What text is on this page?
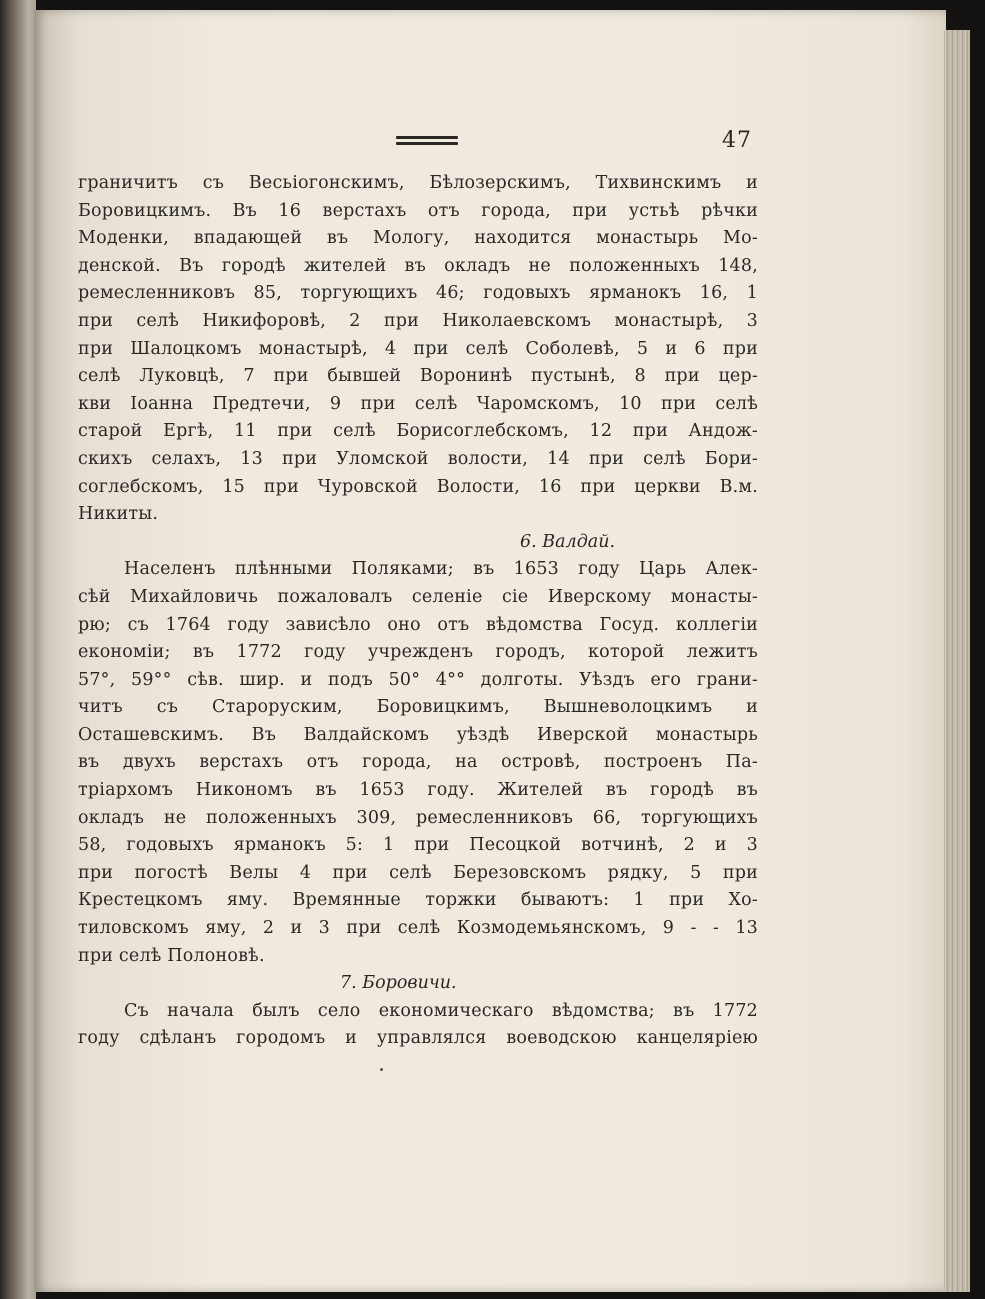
47
граничитъ съ Весьiогонскимъ, Бѣлозерскимъ, Тихвинскимъ и
Боровицкимъ. Въ 16 верстахъ отъ города, при устьѣ рѣчки
Моденки, впадающей въ Мологу, находится монастырь Мо-
денской. Въ городѣ жителей въ окладъ не положенныхъ 148,
ремесленниковъ 85, торгующихъ 46; годовыхъ ярманокъ 16, 1
при селѣ Никифоровѣ, 2 при Николаевскомъ монастырѣ, 3
при Шалоцкомъ монастырѣ, 4 при селѣ Соболевѣ, 5 и 6 при
селѣ Луковцѣ, 7 при бывшей Воронинѣ пустынѣ, 8 при цер-
кви Iоанна Предтечи, 9 при селѣ Чаромскомъ, 10 при селѣ
старой Ергѣ, 11 при селѣ Борисоглебскомъ, 12 при Андож-
скихъ селахъ, 13 при Уломской волости, 14 при селѣ Бори-
соглебскомъ, 15 при Чуровской Волости, 16 при церкви В.м.
Никиты.
6. Валдай.
Населенъ плѣнными Поляками; въ 1653 году Царь Алек-
сѣй Михайловичь пожаловалъ селенiе сiе Иверскому монасты-
рю; съ 1764 году зависѣло оно отъ вѣдомства Госуд. коллегiи
економiи; въ 1772 году учрежденъ городъ, которой лежитъ
57°, 59°° сѣв. шир. и подъ 50° 4°° долготы. Уѣздъ его грани-
читъ съ Староруским, Боровицкимъ, Вышневолоцкимъ и
Осташевскимъ. Въ Валдайскомъ уѣздѣ Иверской монастырь
въ двухъ верстахъ отъ города, на островѣ, построенъ Па-
трiархомъ Никономъ въ 1653 году. Жителей въ городѣ въ
окладъ не положенныхъ 309, ремесленниковъ 66, торгующихъ
58, годовыхъ ярманокъ 5: 1 при Песоцкой вотчинѣ, 2 и 3
при погостѣ Велы 4 при селѣ Березовскомъ рядку, 5 при
Крестецкомъ яму. Времянные торжки бываютъ: 1 при Хо-
тиловскомъ яму, 2 и 3 при селѣ Козмодемьянскомъ, 9 - - 13
при селѣ Полоновѣ.
7. Боровичи.
Съ начала былъ село економическаго вѣдомства; въ 1772
году сдѣланъ городомъ и управлялся воеводскою канцелярiею
